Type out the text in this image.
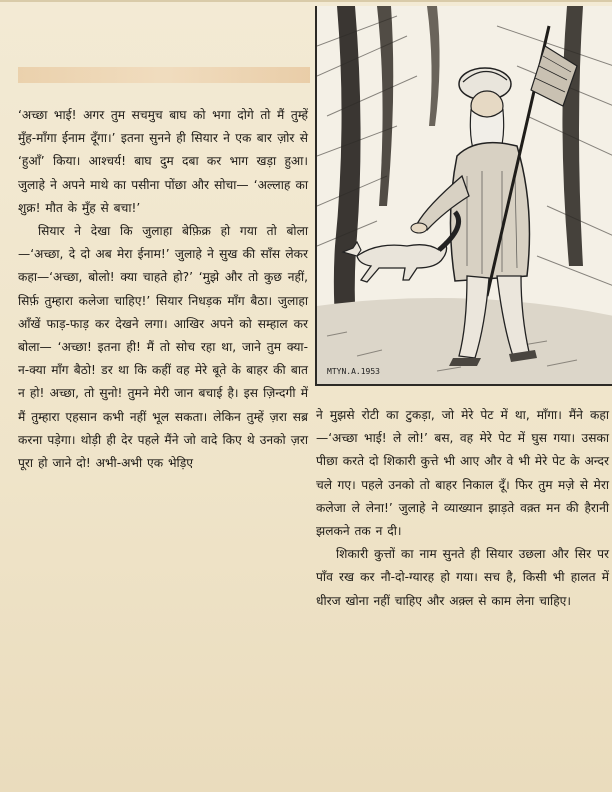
MTYN.A.1953

‘अच्छा भाई! अगर तुम सचमुच बाघ को भगा दोगे तो मैं तुम्हें मुँह-माँगा ईनाम दूँगा।’ इतना सुनने ही सियार ने एक बार ज़ोर से ‘हुआँ’ किया। आश्चर्य! बाघ दुम दबा कर भाग खड़ा हुआ। जुलाहे ने अपने माथे का पसीना पोंछा और सोचा— ‘अल्लाह का शुक्र! मौत के मुँह से बचा!’

सियार ने देखा कि जुलाहा बेफ़िक्र हो गया तो बोला—‘अच्छा, दे दो अब मेरा ईनाम!’ जुलाहे ने सुख की साँस लेकर कहा—‘अच्छा, बोलो! क्या चाहते हो?’ ‘मुझे और तो कुछ नहीं, सिर्फ़ तुम्हारा कलेजा चाहिए!’ सियार निधड़क माँग बैठा। जुलाहा आँखें फाड़-फाड़ कर देखने लगा। आखिर अपने को सम्हाल कर बोला— ‘अच्छा! इतना ही! मैं तो सोच रहा था, जाने तुम क्या-न-क्या माँग बैठो! डर था कि कहीं वह मेरे बूते के बाहर की बात न हो! अच्छा, तो सुनो! तुमने मेरी जान बचाई है। इस ज़िन्दगी में मैं तुम्हारा एहसान कभी नहीं भूल सकता। लेकिन तुम्हें ज़रा सब्र करना पड़ेगा। थोड़ी ही देर पहले मैंने जो वादे किए थे उनको ज़रा पूरा हो जाने दो! अभी-अभी एक भेड़िए

ने मुझसे रोटी का टुकड़ा, जो मेरे पेट में था, माँगा। मैंने कहा—‘अच्छा भाई! ले लो!’ बस, वह मेरे पेट में घुस गया। उसका पीछा करते दो शिकारी कुत्ते भी आए और वे भी मेरे पेट के अन्दर चले गए। पहले उनको तो बाहर निकाल दूँ। फिर तुम मज़े से मेरा कलेजा ले लेना!’ जुलाहे ने व्याख्यान झाड़ते वक़्त मन की हैरानी झलकने तक न दी।

शिकारी कुत्तों का नाम सुनते ही सियार उछला और सिर पर पाँव रख कर नौ-दो-ग्यारह हो गया। सच है, किसी भी हालत में धीरज खोना नहीं चाहिए और अक़्ल से काम लेना चाहिए।
